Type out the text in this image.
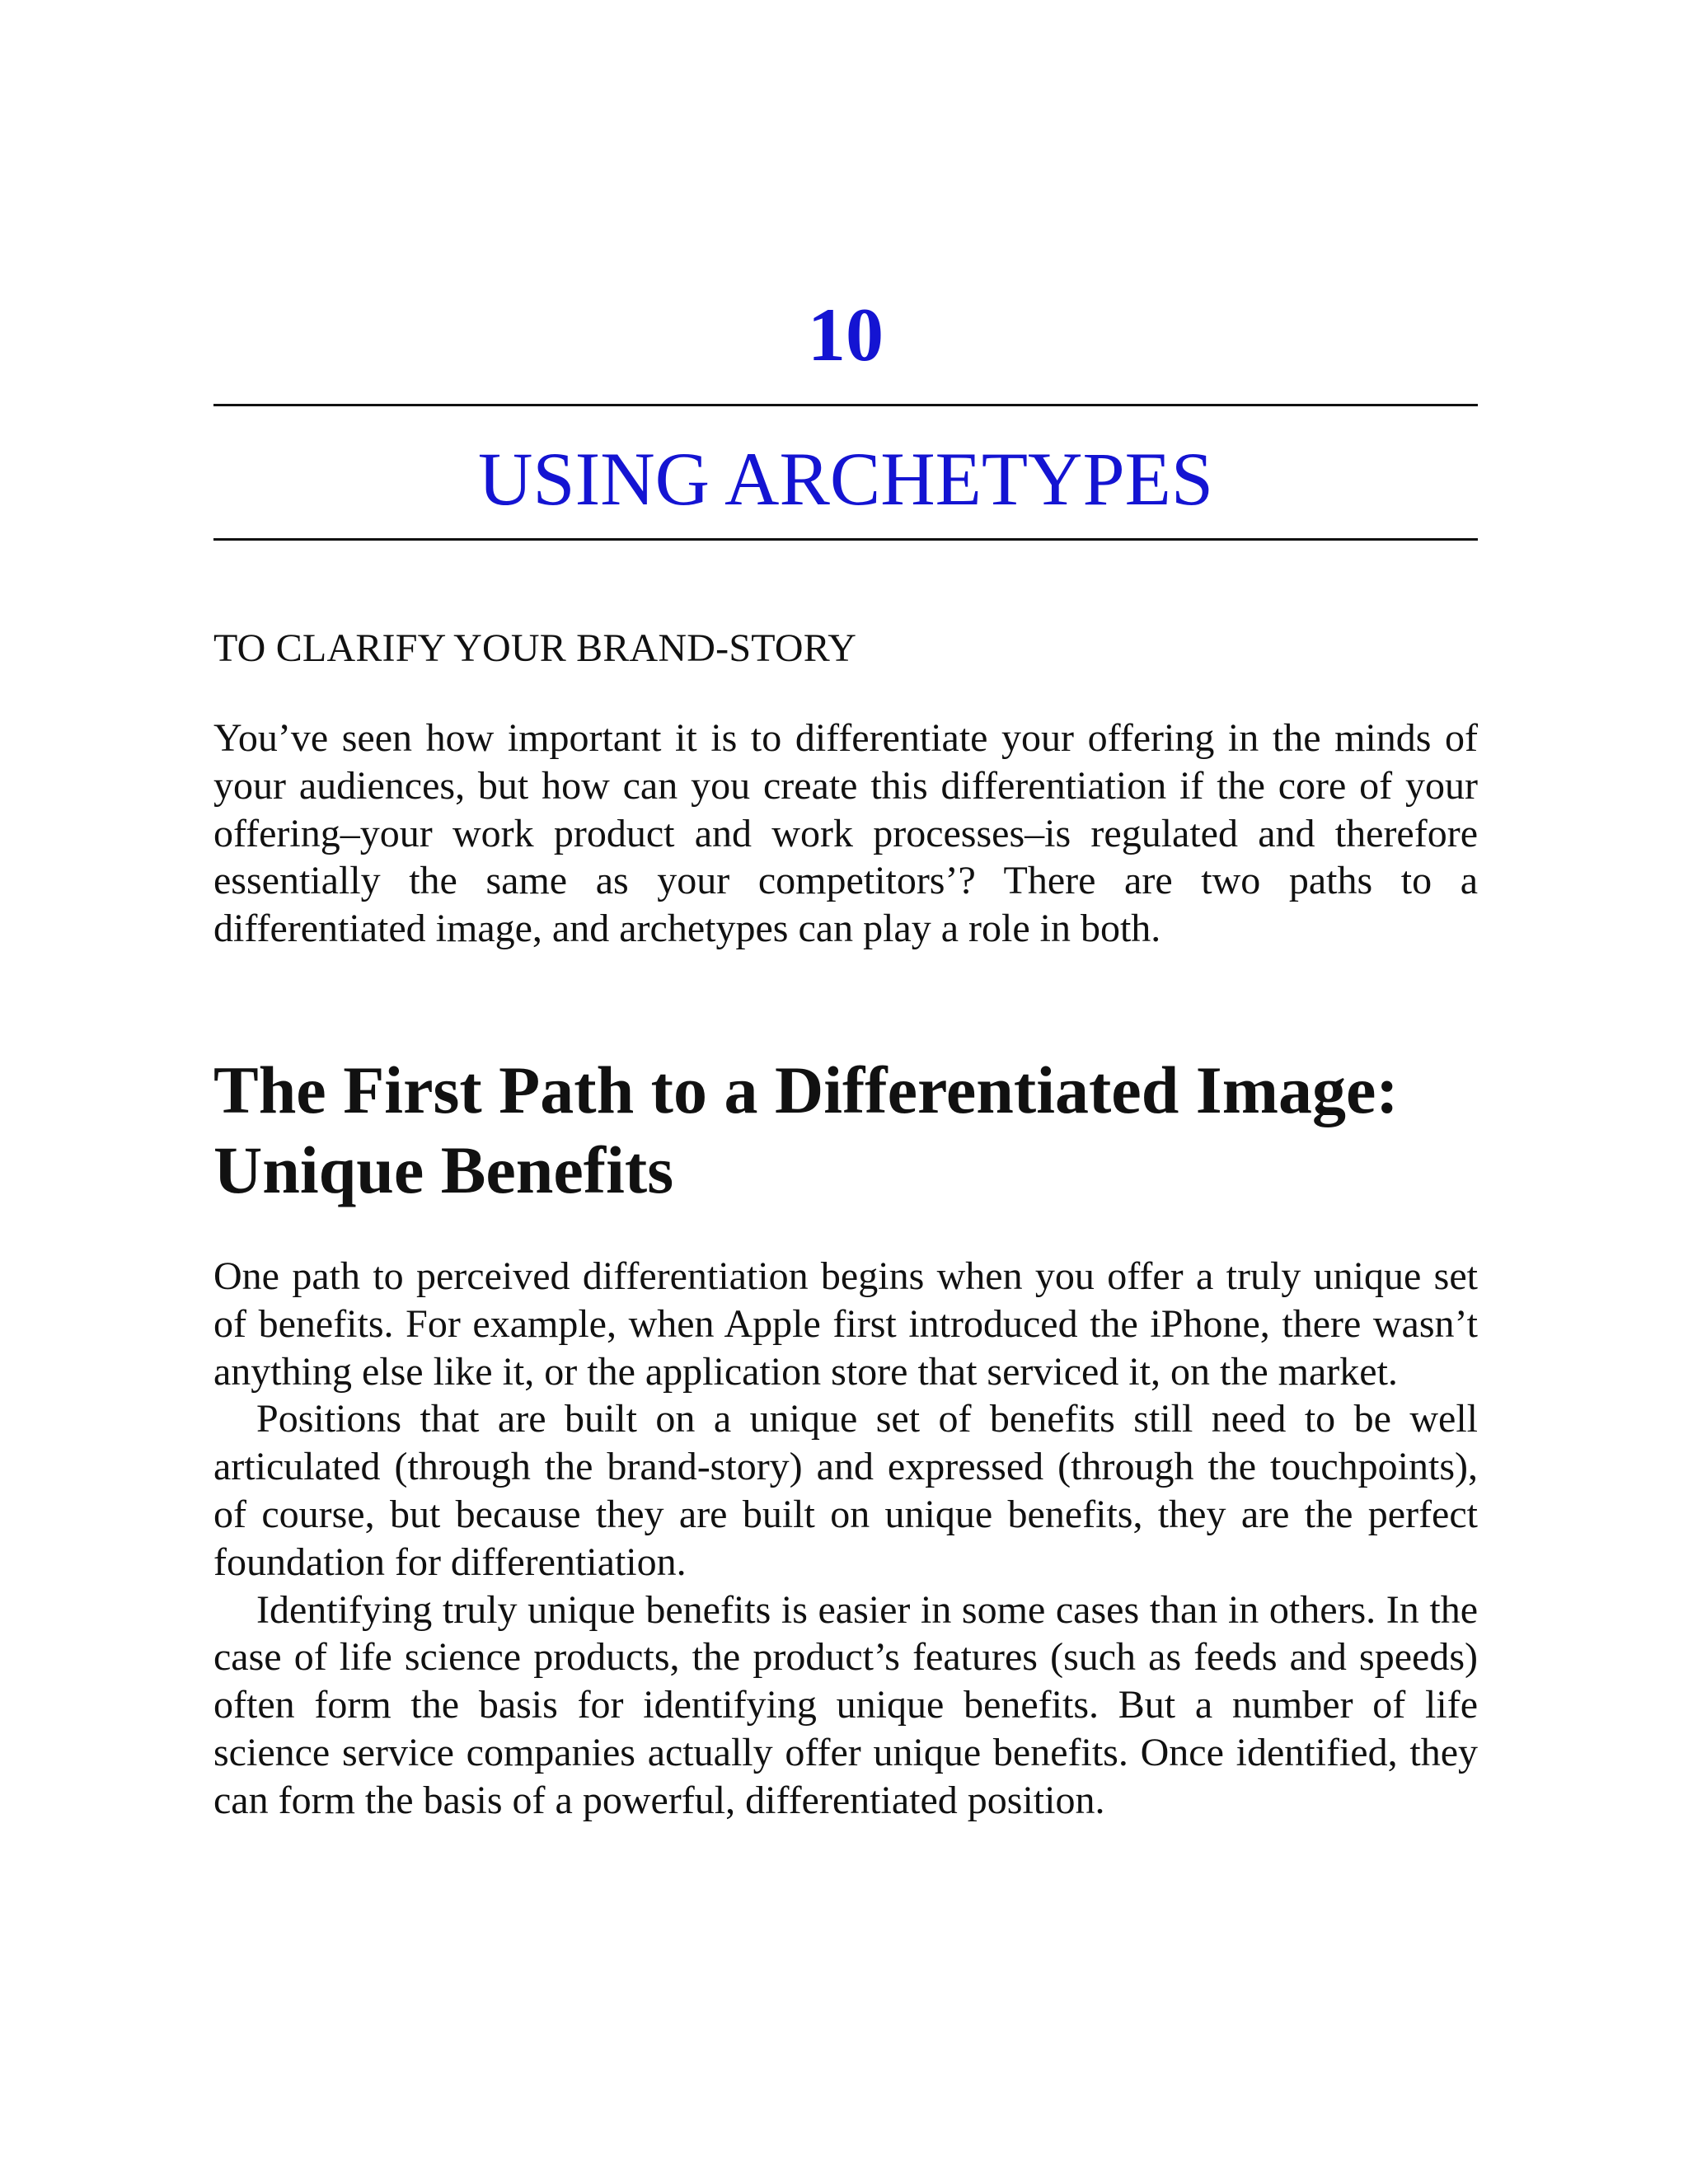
10
USING ARCHETYPES
TO CLARIFY YOUR BRAND-STORY

You’ve seen how important it is to differentiate your offering in the minds of your audiences, but how can you create this differentiation if the core of your offering–your work product and work processes–is regulated and therefore essentially the same as your competitors’? There are two paths to a differentiated image, and archetypes can play a role in both.

The First Path to a Differentiated Image: Unique Benefits

One path to perceived differentiation begins when you offer a truly unique set of benefits. For example, when Apple first introduced the iPhone, there wasn’t anything else like it, or the application store that serviced it, on the market.

Positions that are built on a unique set of benefits still need to be well articulated (through the brand-story) and expressed (through the touchpoints), of course, but because they are built on unique benefits, they are the perfect foundation for differentiation.

Identifying truly unique benefits is easier in some cases than in others. In the case of life science products, the product’s features (such as feeds and speeds) often form the basis for identifying unique benefits. But a number of life science service companies actually offer unique benefits. Once identified, they can form the basis of a powerful, differentiated position.
